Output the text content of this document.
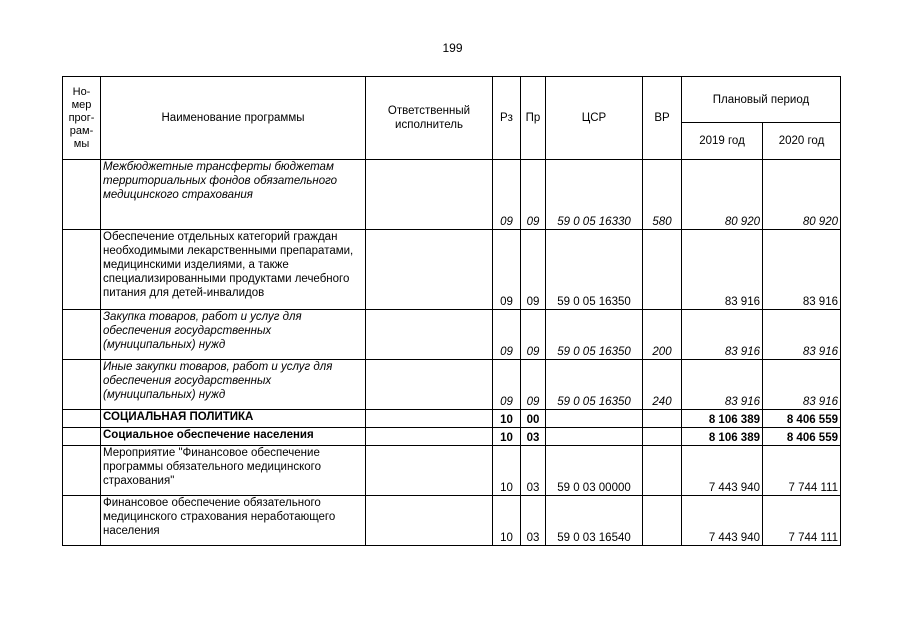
199
Но-
мер
прог-
рам-
мы	Наименование программы	Ответственный исполнитель	Рз	Пр	ЦСР	ВР	Плановый период	
							2019 год	2020 год
	Межбюджетные трансферты бюджетам территориальных фондов обязательного медицинского страхования		09	09	59 0 05 16330	580	80 920	80 920
	Обеспечение отдельных категорий граждан необходимыми лекарственными препаратами, медицинскими изделиями, а также специализированными продуктами лечебного питания для детей-инвалидов		09	09	59 0 05 16350		83 916	83 916
	Закупка товаров, работ и услуг для обеспечения государственных (муниципальных) нужд		09	09	59 0 05 16350	200	83 916	83 916
	Иные закупки товаров, работ и услуг для обеспечения государственных (муниципальных) нужд		09	09	59 0 05 16350	240	83 916	83 916
	СОЦИАЛЬНАЯ ПОЛИТИКА		10	00			8 106 389	8 406 559
	Социальное обеспечение населения		10	03			8 106 389	8 406 559
	Мероприятие "Финансовое обеспечение программы обязательного медицинского страхования"		10	03	59 0 03 00000		7 443 940	7 744 111
	Финансовое обеспечение обязательного медицинского страхования неработающего населения		10	03	59 0 03 16540		7 443 940	7 744 111
